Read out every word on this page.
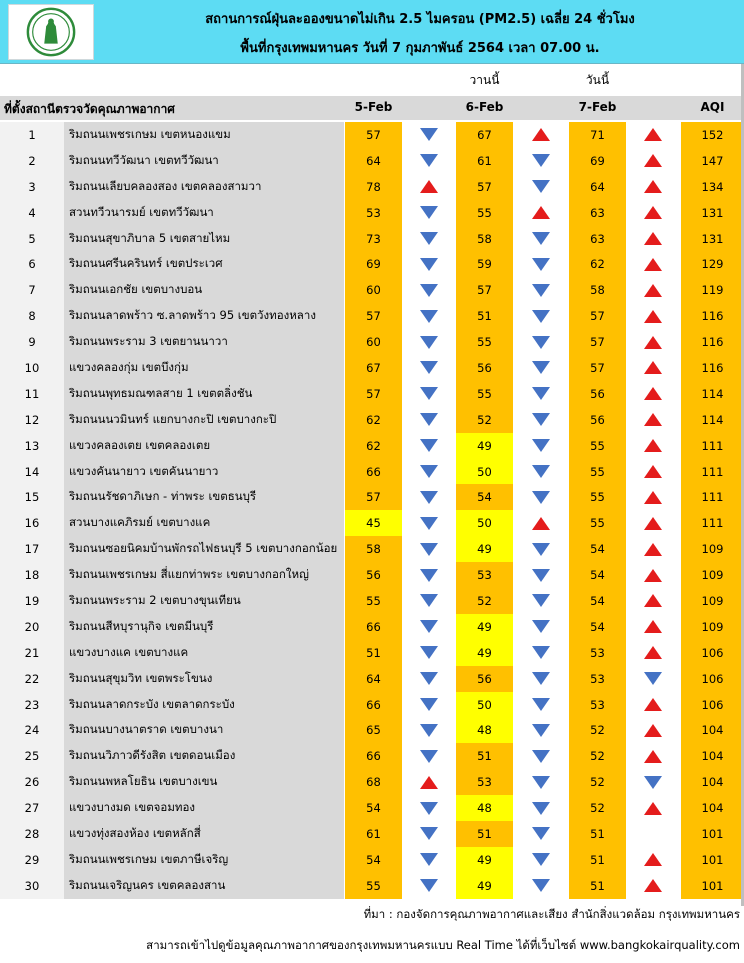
สถานการณ์ฝุ่นละอองขนาดไม่เกิน 2.5 ไมครอน (PM2.5) เฉลี่ย 24 ชั่วโมง
พื้นที่กรุงเทพมหานคร วันที่ 7 กุมภาพันธ์ 2564 เวลา 07.00 น.
วานนี้	วันนี้
ที่ตั้งสถานีตรวจวัดคุณภาพอากาศ	5-Feb	6-Feb	7-Feb	AQI
1	ริมถนนเพชรเกษม เขตหนองแขม	57	67	71	152
2	ริมถนนทวีวัฒนา เขตทวีวัฒนา	64	61	69	147
3	ริมถนนเลียบคลองสอง เขตคลองสามวา	78	57	64	134
4	สวนทวีวนารมย์ เขตทวีวัฒนา	53	55	63	131
5	ริมถนนสุขาภิบาล 5 เขตสายไหม	73	58	63	131
6	ริมถนนศรีนครินทร์ เขตประเวศ	69	59	62	129
7	ริมถนนเอกชัย เขตบางบอน	60	57	58	119
8	ริมถนนลาดพร้าว ซ.ลาดพร้าว 95 เขตวังทองหลาง	57	51	57	116
9	ริมถนนพระราม 3 เขตยานนาวา	60	55	57	116
10	แขวงคลองกุ่ม เขตบึงกุ่ม	67	56	57	116
11	ริมถนนพุทธมณฑลสาย 1 เขตตลิ่งชัน	57	55	56	114
12	ริมถนนนวมินทร์ แยกบางกะปิ เขตบางกะปิ	62	52	56	114
13	แขวงคลองเตย เขตคลองเตย	62	49	55	111
14	แขวงคันนายาว เขตคันนายาว	66	50	55	111
15	ริมถนนรัชดาภิเษก - ท่าพระ เขตธนบุรี	57	54	55	111
16	สวนบางแคภิรมย์ เขตบางแค	45	50	55	111
17	ริมถนนซอยนิคมบ้านพักรถไฟธนบุรี 5 เขตบางกอกน้อย	58	49	54	109
18	ริมถนนเพชรเกษม สี่แยกท่าพระ เขตบางกอกใหญ่	56	53	54	109
19	ริมถนนพระราม 2 เขตบางขุนเทียน	55	52	54	109
20	ริมถนนสีหบุรานุกิจ เขตมีนบุรี	66	49	54	109
21	แขวงบางแค เขตบางแค	51	49	53	106
22	ริมถนนสุขุมวิท เขตพระโขนง	64	56	53	106
23	ริมถนนลาดกระบัง เขตลาดกระบัง	66	50	53	106
24	ริมถนนบางนาตราด เขตบางนา	65	48	52	104
25	ริมถนนวิภาวดีรังสิต เขตดอนเมือง	66	51	52	104
26	ริมถนนพหลโยธิน เขตบางเขน	68	53	52	104
27	แขวงบางมด เขตจอมทอง	54	48	52	104
28	แขวงทุ่งสองห้อง เขตหลักสี่	61	51	51	101
29	ริมถนนเพชรเกษม เขตภาษีเจริญ	54	49	51	101
30	ริมถนนเจริญนคร เขตคลองสาน	55	49	51	101
ที่มา : กองจัดการคุณภาพอากาศและเสียง สำนักสิ่งแวดล้อม กรุงเทพมหานคร
สามารถเข้าไปดูข้อมูลคุณภาพอากาศของกรุงเทพมหานครแบบ Real Time ได้ที่เว็บไซต์ www.bangkokairquality.com
